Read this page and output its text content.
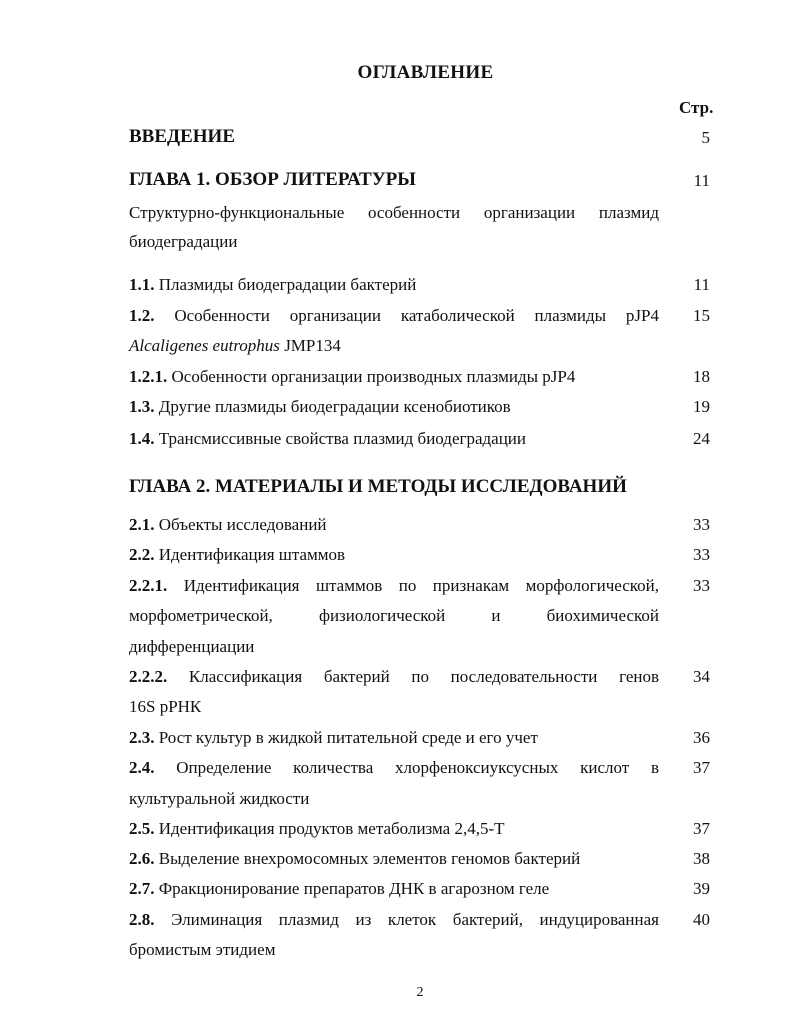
ОГЛАВЛЕНИЕ
Стр.
ВВЕДЕНИЕ	5
ГЛАВА 1. ОБЗОР ЛИТЕРАТУРЫ	11
Структурно-функциональные особенности организации плазмид
биодеградации
1.1. Плазмиды биодеградации бактерий	11
1.2. Особенности организации катаболической плазмиды pJP4	15
Alcaligenes eutrophus JMP134
1.2.1. Особенности организации производных плазмиды pJP4	18
1.3. Другие плазмиды биодеградации ксенобиотиков	19
1.4. Трансмиссивные свойства плазмид биодеградации	24
ГЛАВА 2. МАТЕРИАЛЫ И МЕТОДЫ ИССЛЕДОВАНИЙ
2.1. Объекты исследований	33
2.2. Идентификация штаммов	33
2.2.1. Идентификация штаммов по признакам морфологической,	33
морфометрической, физиологической и биохимической
дифференциации
2.2.2. Классификация бактерий по последовательности генов	34
16S рРНК
2.3. Рост культур в жидкой питательной среде и его учет	36
2.4. Определение количества хлорфеноксиуксусных кислот в	37
культуральной жидкости
2.5. Идентификация продуктов метаболизма 2,4,5-Т	37
2.6. Выделение внехромосомных элементов геномов бактерий	38
2.7. Фракционирование препаратов ДНК в агарозном геле	39
2.8. Элиминация плазмид из клеток бактерий, индуцированная	40
бромистым этидием
2
